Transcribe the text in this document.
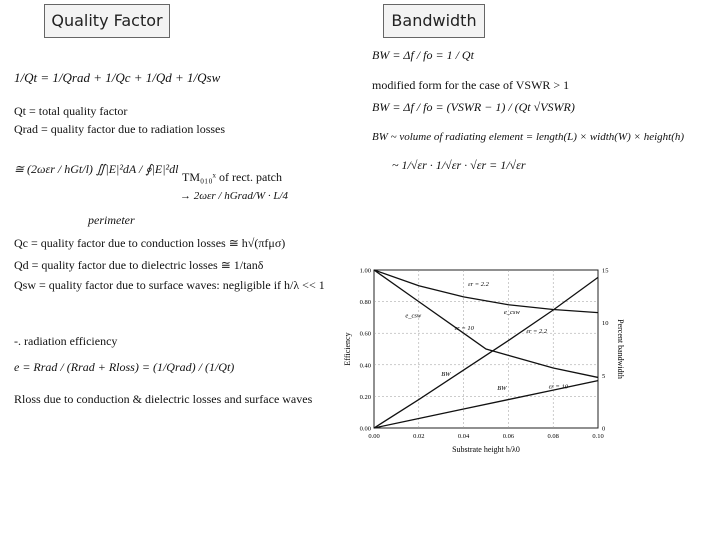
Quality Factor	Bandwidth
1/Qt = 1/Qrad + 1/Qc + 1/Qd + 1/Qsw
Qt = total quality factor
Qrad = quality factor due to radiation losses
≅ (2ωεr / hGt/l) ∬|E|²dA / ∮|E|²dl
TM₀₁₀ˣ of rect. patch
→ 2ωεr / hGrad/W · L/4
perimeter
Qc = quality factor due to conduction losses ≅ h√(πfμσ)
Qd = quality factor due to dielectric losses ≅ 1/tanδ
Qsw = quality factor due to surface waves: negligible if h/λ << 1
-. radiation efficiency
e = Rrad / (Rrad + Rloss) = (1/Qrad) / (1/Qt)
Rloss due to conduction & dielectric losses and surface waves
BW = Δf / fo = 1 / Qt
modified form for the case of VSWR > 1
BW = Δf / fo = (VSWR − 1) / (Qt √VSWR)
BW ~ volume of radiating element = length(L) × width(W) × height(h)
~ 1/√εr · 1/√εr · √εr = 1/√εr
0.00	0.02	0.04	0.06	0.08	0.10
0.00
0.20
0.40
0.60
0.80
1.00
0
5
10
15
εr = 2.2
e_csw	e_csw
εr = 10	εr = 2.2
BW
BW	εr = 10
Substrate height h/λ0
Efficiency	Percent bandwidth
